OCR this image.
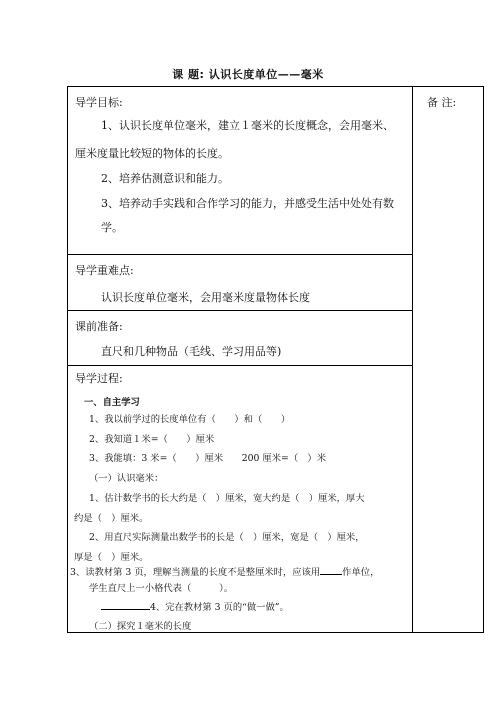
课 题: 认识长度单位——毫米
备 注:
导学目标:
1、认识长度单位毫米，建立１毫米的长度概念，会用毫米、
厘米度量比较短的物体的长度。
2、培养估测意识和能力。
3、培养动手实践和合作学习的能力，并感受生活中处处有数
学。
导学重难点:
认识长度单位毫米，会用毫米度量物体长度
课前准备:
直尺和几种物品（毛线、学习用品等)
导学过程:
一、自主学习
1、我以前学过的长度单位有（　　）和（　　）
2、我知道１米=（　　）厘米
3、我能填：3 米=（　　）厘米　　200 厘米=（　）米
（一）认识毫米：
1、估计数学书的长大约是（　）厘米，宽大约是（　）厘米，厚大
约是（　）厘米。
2、用直尺实际测量出数学书的长是（　）厘米，宽是（　）厘米，
厚是（　）厘米。
3、读教材第 3 页，理解当测量的长度不是整厘米时，应该用 作单位，
学生直尺上一小格代表（　　　）。
4、完在教材第 3 页的“做一做”。
（二）探究１毫米的长度
